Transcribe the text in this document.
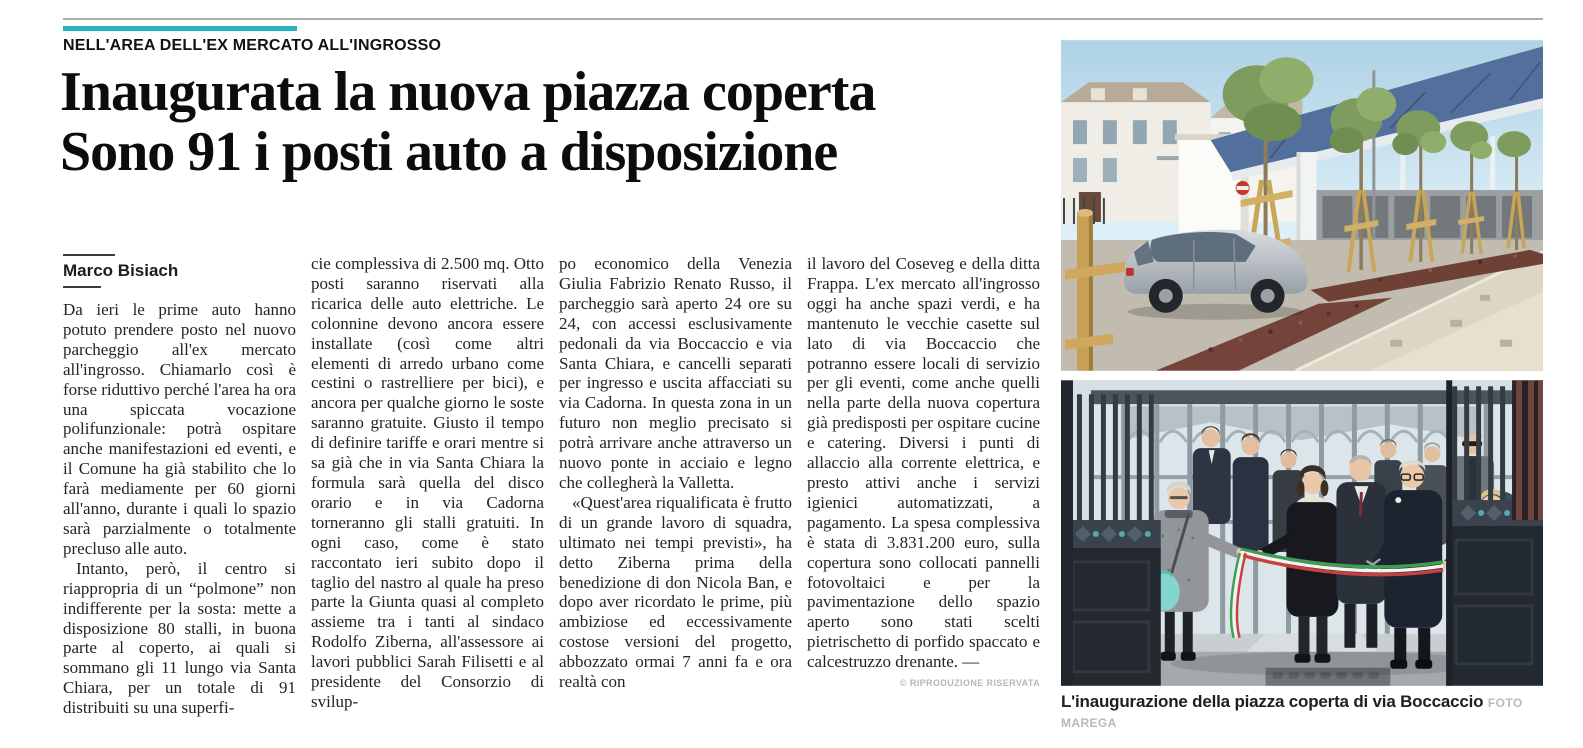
NELL'AREA DELL'EX MERCATO ALL'INGROSSO
Inaugurata la nuova piazza coperta
Sono 91 i posti auto a disposizione
Marco Bisiach

Da ieri le prime auto hanno potuto prendere posto nel nuovo parcheggio all'ex mercato all'ingrosso. Chiamarlo così è forse riduttivo perché l'area ha ora una spiccata vocazione polifunzionale: potrà ospitare anche manifestazioni ed eventi, e il Comune ha già stabilito che lo farà mediamente per 60 giorni all'anno, durante i quali lo spazio sarà parzialmente o totalmente precluso alle auto.

Intanto, però, il centro si riappropria di un “polmone” non indifferente per la sosta: mette a disposizione 80 stalli, in buona parte al coperto, ai quali si sommano gli 11 lungo via Santa Chiara, per un totale di 91 distribuiti su una superfi-

cie complessiva di 2.500 mq. Otto posti saranno riservati alla ricarica delle auto elettriche. Le colonnine devono ancora essere installate (così come altri elementi di arredo urbano come cestini o rastrelliere per bici), e ancora per qualche giorno le soste saranno gratuite. Giusto il tempo di definire tariffe e orari mentre si sa già che in via Santa Chiara la formula sarà quella del disco orario e in via Cadorna torneranno gli stalli gratuiti. In ogni caso, come è stato raccontato ieri subito dopo il taglio del nastro al quale ha preso parte la Giunta quasi al completo assieme tra i tanti al sindaco Rodolfo Ziberna, all'assessore ai lavori pubblici Sarah Filisetti e al presidente del Consorzio di svilup-

po economico della Venezia Giulia Fabrizio Renato Russo, il parcheggio sarà aperto 24 ore su 24, con accessi esclusivamente pedonali da via Boccaccio e via Santa Chiara, e cancelli separati per ingresso e uscita affacciati su via Cadorna. In questa zona in un futuro non meglio precisato si potrà arrivare anche attraverso un nuovo ponte in acciaio e legno che collegherà la Valletta.

«Quest'area riqualificata è frutto di un grande lavoro di squadra, ultimato nei tempi previsti», ha detto Ziberna prima della benedizione di don Nicola Ban, e dopo aver ricordato le prime, più ambiziose ed eccessivamente costose versioni del progetto, abbozzato ormai 7 anni fa e ora realtà con

il lavoro del Coseveg e della ditta Frappa. L'ex mercato all'ingrosso oggi ha anche spazi verdi, e ha mantenuto le vecchie casette sul lato di via Boccaccio che potranno essere locali di servizio per gli eventi, come anche quelli nella parte della nuova copertura già predisposti per ospitare cucine e catering. Diversi i punti di allaccio alla corrente elettrica, e presto attivi anche i servizi igienici automatizzati, a pagamento. La spesa complessiva è stata di 3.831.200 euro, sulla copertura sono collocati pannelli fotovoltaici e per la pavimentazione dello spazio aperto sono stati scelti pietrischetto di porfido spaccato e calcestruzzo drenante. —

© RIPRODUZIONE RISERVATA
L'inaugurazione della piazza coperta di via Boccaccio FOTO MAREGA
